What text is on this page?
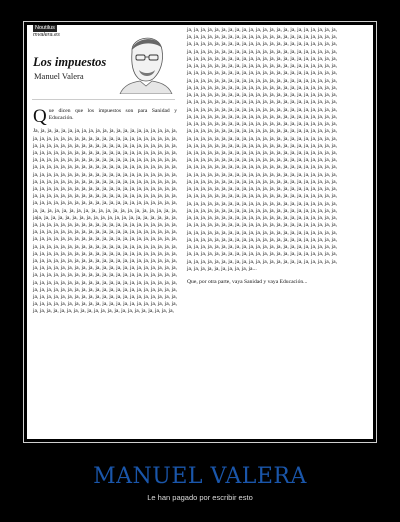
Noutilus
mvalera.es
Los impuestos
Manuel Valera
Q ue dicen que los impuestos son para Sanidad y Educación.
Ja, ja, ja, ja, ja, ja, ja, ja, ja, ja, ja, ja, ja, ja, ja, ja, ja, ja, ja, ja, ja, ja, ja, ja, ja, ja, ja, ja, ja, ja, ja, ja, ja, ja, ja, ja, ja, ja, ja, ja, ja, ja, ja, ja, ja, ja, ja, ja, ja, ja, ja, ja, ja, ja, ja, ja, ja, ja, ja, ja, ja, ja, ja, ja, ja, ja, ja, ja, ja, ja, ja, ja, ja, ja, ja, ja, ja, ja, ja, ja, ja, ja, ja, ja, ja, ja, ja, ja, ja, ja, ja, ja, ja, ja, ja, ja, ja, ja, ja, ja, ja, ja, ja, ja, ja, ja, ja, ja, ja, ja, ja, ja, ja, ja, ja, ja, ja, ja, ja, ja, ja, ja, ja, ja, ja, ja, ja, ja, ja, ja, ja, ja, ja, ja, ja, ja, ja, ja, ja, ja, ja, ja, ja, ja, ja, ja, ja, ja, ja, ja, ja, ja, ja, ja, ja, ja, ja, ja, ja, ja, ja, ja, ja, ja, ja, ja, ja, ja, ja, ja, ja, ja, ja, ja, ja, ja, ja, ja, ja, ja, ja, ja, ja, ja, ja, ja, ja, ja, ja, ja, ja, ja, ja, ja, ja, ja, ja, ja, ja, ja, ja, ja, ja, ja, ja, ja, ja, ja, ja, ja, ja, ja, ja, ja, ja, ja, ja, ja, ja, ja, ja, ja, ja, ja, ja, ja, ja, ja, ja, ja, ja, ja, ja, ja, ja, ja, ja, ja, ja, ja, ja, ja, ja, ja, ja, ja, ja, ja, ja, ja, ja, jaja, ja, ja, ja, ja, ja, ja, ja, ja, ja, ja, ja, ja, ja, ja, ja, ja, ja, ja, ja, ja, ja, ja, ja, ja, ja, ja, ja, ja, ja, ja, ja, ja, ja, ja, ja, ja, ja, ja, ja, ja, ja, ja, ja, ja, ja, ja, ja, ja, ja, ja, ja, ja, ja, ja, ja, ja, ja, ja, ja, ja, ja, ja, ja, ja, ja, ja, ja, ja, ja, ja, ja, ja, ja, ja, ja, ja, ja, ja, ja, ja, ja, ja, ja, ja, ja, ja, ja, ja, ja, ja, ja, ja, ja, ja, ja, ja, ja, ja, ja, ja, ja, ja, ja, ja, ja, ja, ja, ja, ja, ja, ja, ja, ja, ja, ja, ja, ja, ja, ja, ja, ja, ja, ja, ja, ja, ja, ja, ja, ja, ja, ja, ja, ja, ja, ja, ja, ja, ja, ja, ja, ja, ja, ja, ja, ja, ja, ja, ja, ja, ja, ja, ja, ja, ja, ja, ja, ja, ja, ja, ja, ja, ja, ja, ja, ja, ja, ja, ja, ja, ja, ja, ja, ja, ja, ja, ja, ja, ja, ja, ja, ja, ja, ja, ja, ja, ja, ja, ja, ja, ja, ja, ja, ja, ja, ja, ja, ja, ja, ja, ja, ja, ja, ja, ja, ja, ja, ja, ja, ja, ja, ja, ja, ja, ja, ja, ja, ja, ja, ja, ja, ja, ja, ja, ja, ja, ja, ja, ja, ja, ja, ja, ja, ja, ja, ja, ja, ja, ja, ja, ja, ja, ja, ja, ja, ja, ja, ja, ja, ja, ja, ja, ja, ja, ja, ja, ja, ja, ja, ja, ja, ja, ja, ja, ja, ja, ja, ja, ja, ja, ja, ja, ja, ja, ja, ja, ja, ja, ja, ja, ja, ja, ja, ja, ja, ja, ja, ja, ja, ja, ja, ja, ja,
ja, ja, ja, ja, ja, ja, ja, ja, ja, ja, ja, ja, ja, ja, ja, ja, ja, ja, ja, ja, ja, ja, ja, ja, ja, ja, ja, ja, ja, ja, ja, ja, ja, ja, ja, ja, ja, ja, ja, ja, ja, ja, ja, ja, ja, ja, ja, ja, ja, ja, ja, ja, ja, ja, ja, ja, ja, ja, ja, ja, ja, ja, ja, ja, ja, ja, ja, ja, ja, ja, ja, ja, ja, ja, ja, ja, ja, ja, ja, ja, ja, ja, ja, ja, ja, ja, ja, ja, ja, ja, ja, ja, ja, ja, ja, ja, ja, ja, ja, ja, ja, ja, ja, ja, ja, ja, ja, ja, ja, ja, ja, ja, ja, ja, ja, ja, ja, ja, ja, ja, ja, ja, ja, ja, ja, ja, ja, ja, ja, ja, ja, ja, ja, ja, ja, ja, ja, ja, ja, ja, ja, ja, ja, ja, ja, ja, ja, ja, ja, ja, ja, ja, ja, ja, ja, ja, ja, ja, ja, ja, ja, ja, ja, ja, ja, ja, ja, ja, ja, ja, ja, ja, ja, ja, ja, ja, ja, ja, ja, ja, ja, ja, ja, ja, ja, ja, ja, ja, ja, ja, ja, ja, ja, ja, ja, ja, ja, ja, ja, ja, ja, ja, ja, ja, ja, ja, ja, ja, ja, ja, ja, ja, ja, ja, ja, ja, ja, ja, ja, ja, ja, ja, ja, ja, ja, ja, ja, ja, ja, ja, ja, ja, ja, ja, ja, ja, ja, ja, ja, ja, ja, ja, ja, ja, ja, ja, ja, ja, ja, ja, ja, ja, ja, ja, ja, ja, ja, ja, ja, ja, ja, ja, ja, ja, ja, ja, ja, ja, ja, ja, ja, ja, ja, ja, ja, ja, ja, ja, ja, ja, ja, ja, ja, ja, ja, ja, ja, ja, ja, ja, ja, ja, ja, ja, ja, ja, ja, ja, ja, ja, ja, ja, ja, ja, ja, ja, ja, ja, ja, ja, ja, ja, ja, ja, ja, ja, ja, ja, ja, ja, ja, ja, ja, ja, ja, ja, ja, ja, ja, ja, ja, ja, ja, ja, ja, ja, ja, ja, ja, ja, ja, ja, ja, ja, ja, ja, ja, ja, ja, ja, ja, ja, ja, ja, ja, ja, ja, ja, ja, ja, ja, ja, ja, ja, ja, ja, ja, ja, ja, ja, ja, ja, ja, ja, ja, ja, ja, ja, ja, ja, ja, ja, ja, ja, ja, ja, ja, ja, ja, ja, ja, ja, ja, ja, ja, ja, ja, ja, ja, ja, ja, ja, ja, ja, ja, ja, ja, ja, ja, ja, ja, ja, ja, ja, ja, ja, ja, ja, ja, ja, ja, ja, ja, ja, ja, ja, ja, ja, ja, ja, ja, ja, ja, ja, ja, ja, ja, ja, ja, ja, ja, ja, ja, ja, ja, ja, ja, ja, ja, ja, ja, ja, ja, ja, ja, ja, ja, ja, ja, ja, ja, ja, ja, ja, ja, ja, ja, ja, ja, ja, ja, ja, ja, ja, ja, ja, ja, ja, ja, ja, ja, ja, ja, ja, ja, ja, ja, ja, ja, ja, ja, ja, ja, ja, ja, ja, ja, ja, ja, ja, ja, ja, ja, ja, ja, ja, ja, ja, ja, ja, ja, ja, ja, ja, ja, ja, ja, ja, ja, ja, ja, ja, ja, ja, ja, ja, ja, ja, ja, ja, ja, ja, ja, ja, ja, ja, ja, ja, ja, ja, ja, ja, ja, ja, ja, ja, ja, ja, ja, ja, ja, ja, ja, ja, ja, ja, ja, ja, ja, ja, ja, ja, ja, ja, ja, ja, ja, ja, ja, ja, ja, ja, ja, ja, ja, ja, ja, ja, ja, ja, ja, ja, ja, ja, ja, ja, ja, ja, ja, ja, ja, ja, ja, ja, ja, ja, ja, ja, ja, ja, ja, ja, ja, ja, ja, ja, ja, ja, ja, ja, ja, ja, ja, ja, ja, ja, ja, ja, ja, ja, ja, ja, ja, ja, ja, ja, ja, ja, ja, ja, ja, ja, ja, ja, ja, ja, ja, ja, ja, ja, ja, ja, ja, ja, ja, ja, ja, ja, ja, ja, ja, ja, ja, ja, ja, ja, ja, ja, ja, ja, ja, ja, ja, ja, ja, ja, ja, ja, ja, ja, ja, ja, ja, ja, ja, ja, ja, ja, ja, ja, ja, ja, ja, ja, ja, ja, ja, ja, ja, ja, ja, ja, ja, ja, ja, ja, ja, ja, ja, ja, ja, ja, ja, ja, ja, ja, ja, ja, ja, ja, ja, ja, ja, ja, ja, ja, ja, ja, ja, ja, ja, ja, ja, ja, ja, ja, ja, ja, ja, ja, ja, ja, ja, ja, ja, ja...
Que, por otra parte, vaya Sanidad y vaya Educación...
MANUEL VALERA
Le han pagado por escribir esto
